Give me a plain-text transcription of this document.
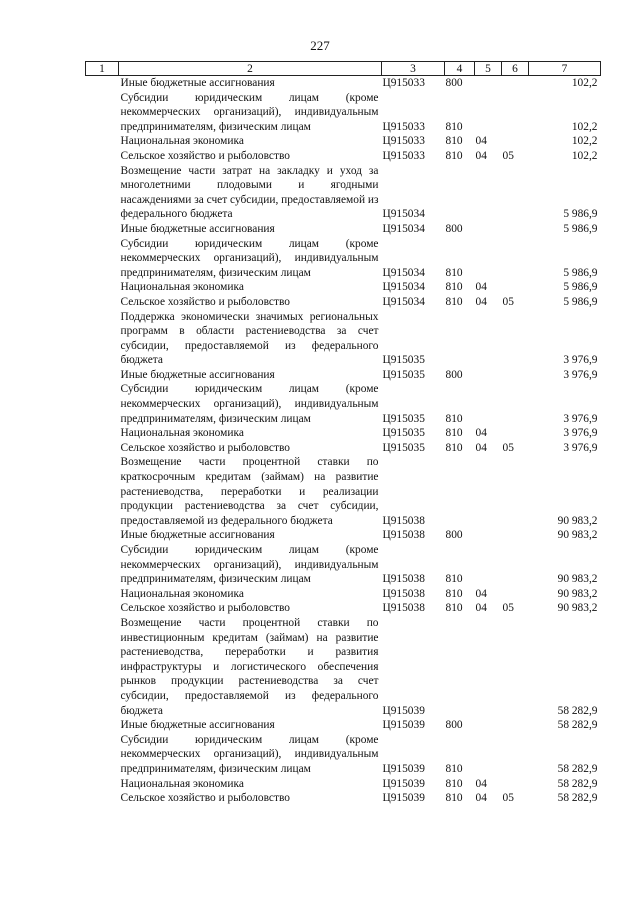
227
1	2	3	4	5	6	7

	Иные бюджетные ассигнования	Ц915033	800			102,2

	Субсидии юридическим лицам (кроме некоммерческих организаций), индивидуальным предпринимателям, физическим лицам	Ц915033	810			102,2

	Национальная экономика	Ц915033	810	04		102,2

	Сельское хозяйство и рыболовство	Ц915033	810	04	05	102,2

	Возмещение части затрат на закладку и уход за многолетними плодовыми и ягодными насаждениями за счет субсидии, предоставляемой из федерального бюджета	Ц915034				5 986,9

	Иные бюджетные ассигнования	Ц915034	800			5 986,9

	Субсидии юридическим лицам (кроме некоммерческих организаций), индивидуальным предпринимателям, физическим лицам	Ц915034	810			5 986,9

	Национальная экономика	Ц915034	810	04		5 986,9

	Сельское хозяйство и рыболовство	Ц915034	810	04	05	5 986,9

	Поддержка экономически значимых региональных программ в области растениеводства за счет субсидии, предоставляемой из федерального бюджета	Ц915035				3 976,9

	Иные бюджетные ассигнования	Ц915035	800			3 976,9

	Субсидии юридическим лицам (кроме некоммерческих организаций), индивидуальным предпринимателям, физическим лицам	Ц915035	810			3 976,9

	Национальная экономика	Ц915035	810	04		3 976,9

	Сельское хозяйство и рыболовство	Ц915035	810	04	05	3 976,9

	Возмещение части процентной ставки по краткосрочным кредитам (займам) на развитие растениеводства, переработки и реализации продукции растениеводства за счет субсидии, предоставляемой из федерального бюджета	Ц915038				90 983,2

	Иные бюджетные ассигнования	Ц915038	800			90 983,2

	Субсидии юридическим лицам (кроме некоммерческих организаций), индивидуальным предпринимателям, физическим лицам	Ц915038	810			90 983,2

	Национальная экономика	Ц915038	810	04		90 983,2

	Сельское хозяйство и рыболовство	Ц915038	810	04	05	90 983,2

	Возмещение части процентной ставки по инвестиционным кредитам (займам) на развитие растениеводства, переработки и развития инфраструктуры и логистического обеспечения рынков продукции растениеводства за счет субсидии, предоставляемой из федерального бюджета	Ц915039				58 282,9

	Иные бюджетные ассигнования	Ц915039	800			58 282,9

	Субсидии юридическим лицам (кроме некоммерческих организаций), индивидуальным предпринимателям, физическим лицам	Ц915039	810			58 282,9

	Национальная экономика	Ц915039	810	04		58 282,9

	Сельское хозяйство и рыболовство	Ц915039	810	04	05	58 282,9
